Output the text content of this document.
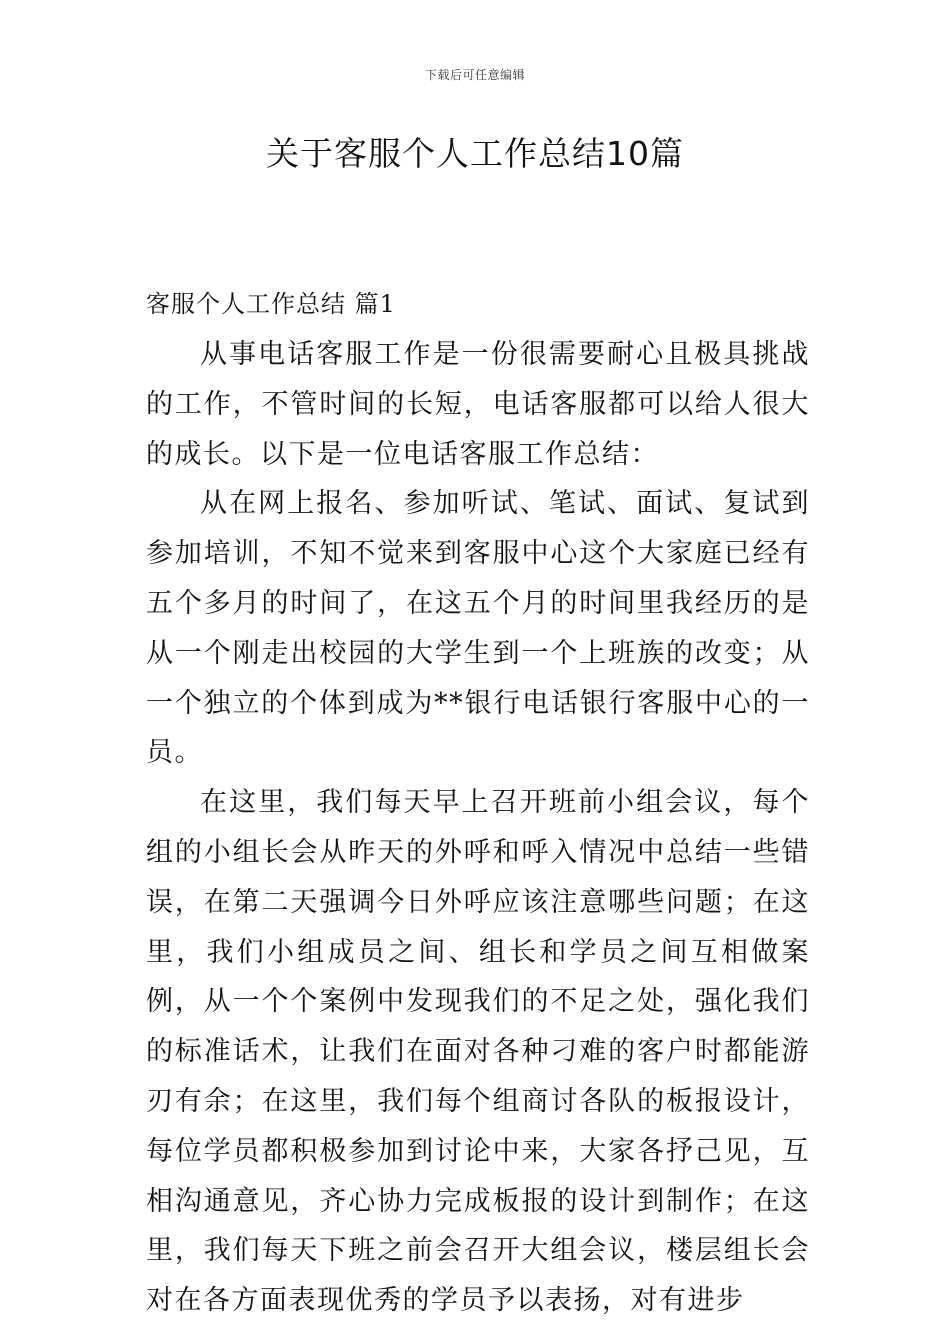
下载后可任意编辑
关于客服个人工作总结10篇
客服个人工作总结 篇1

从事电话客服工作是一份很需要耐心且极具挑战的工作，不管时间的长短，电话客服都可以给人很大的成长。以下是一位电话客服工作总结：

从在网上报名、参加听试、笔试、面试、复试到参加培训，不知不觉来到客服中心这个大家庭已经有五个多月的时间了，在这五个月的时间里我经历的是从一个刚走出校园的大学生到一个上班族的改变；从一个独立的个体到成为**银行电话银行客服中心的一员。

在这里，我们每天早上召开班前小组会议，每个组的小组长会从昨天的外呼和呼入情况中总结一些错误，在第二天强调今日外呼应该注意哪些问题；在这里，我们小组成员之间、组长和学员之间互相做案例，从一个个案例中发现我们的不足之处，强化我们的标准话术，让我们在面对各种刁难的客户时都能游刃有余；在这里，我们每个组商讨各队的板报设计，每位学员都积极参加到讨论中来，大家各抒己见，互相沟通意见，齐心协力完成板报的设计到制作；在这里，我们每天下班之前会召开大组会议，楼层组长会对在各方面表现优秀的学员予以表扬，对有进步
